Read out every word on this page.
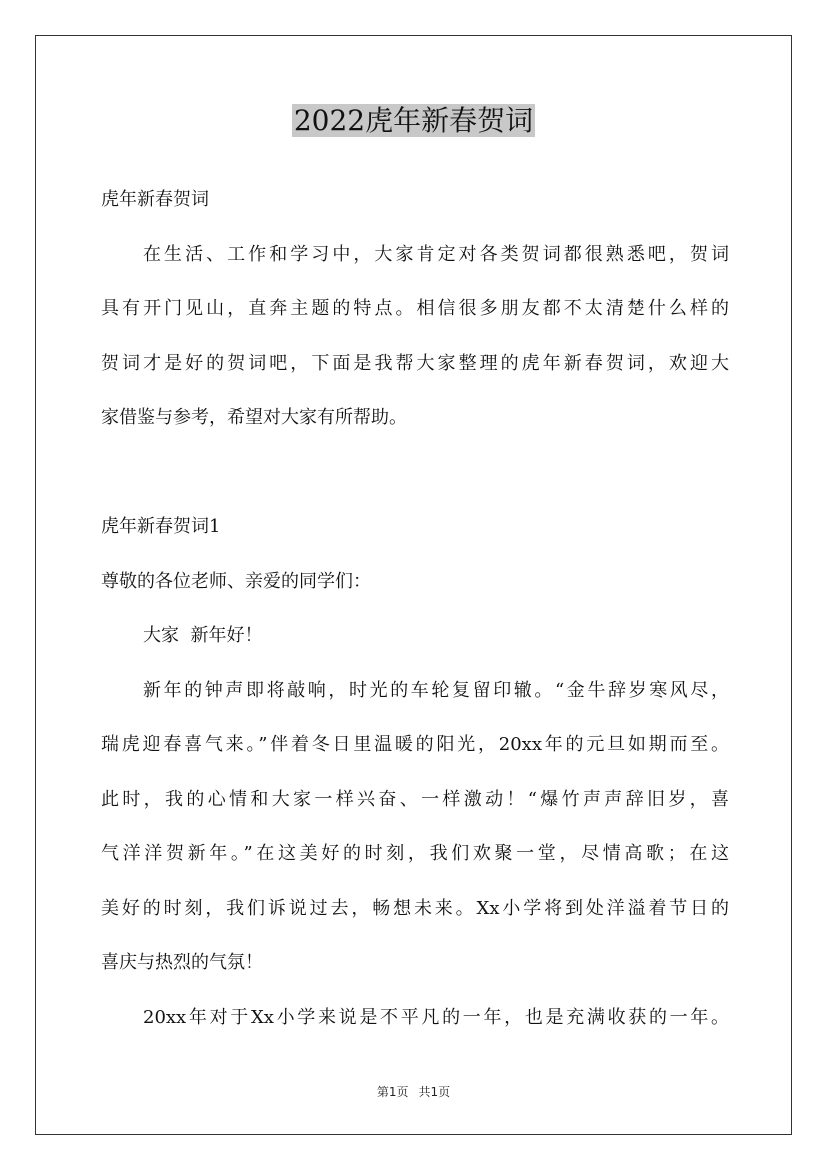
2022虎年新春贺词
虎年新春贺词
在生活、工作和学习中，大家肯定对各类贺词都很熟悉吧，贺词
具有开门见山，直奔主题的特点。相信很多朋友都不太清楚什么样的
贺词才是好的贺词吧，下面是我帮大家整理的虎年新春贺词，欢迎大
家借鉴与参考，希望对大家有所帮助。
虎年新春贺词1
尊敬的各位老师、亲爱的同学们：
大家  新年好！
新年的钟声即将敲响，时光的车轮复留印辙。“金牛辞岁寒风尽，
瑞虎迎春喜气来。”伴着冬日里温暖的阳光，20xx年的元旦如期而至。
此时，我的心情和大家一样兴奋、一样激动！“爆竹声声辞旧岁，喜
气洋洋贺新年。”在这美好的时刻，我们欢聚一堂，尽情高歌；在这
美好的时刻，我们诉说过去，畅想未来。Xx小学将到处洋溢着节日的
喜庆与热烈的气氛！
20xx年对于Xx小学来说是不平凡的一年，也是充满收获的一年。
第1页 共1页
